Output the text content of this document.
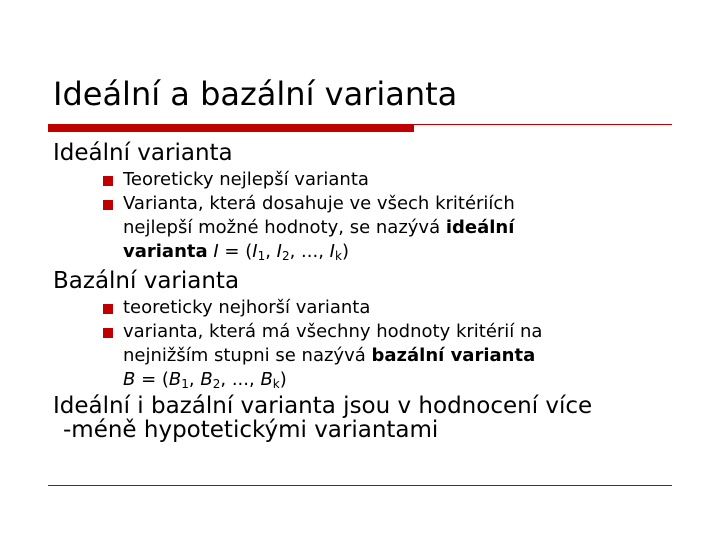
Ideální a bazální varianta
Ideální varianta
Teoreticky nejlepší varianta
Varianta, která dosahuje ve všech kritériích
nejlepší možné hodnoty, se nazývá ideální
varianta $I = (I_1$, $I_2$, ..., $I_k$)
Bazální varianta
teoreticky nejhorší varianta
varianta, která má všechny hodnoty kritérií na
nejnižším stupni se nazývá bazální varianta
$B = (B_1$, $B_2$, ..., $B_k$)
Ideální i bazální varianta jsou v hodnocení více
-méně hypotetickými variantami
